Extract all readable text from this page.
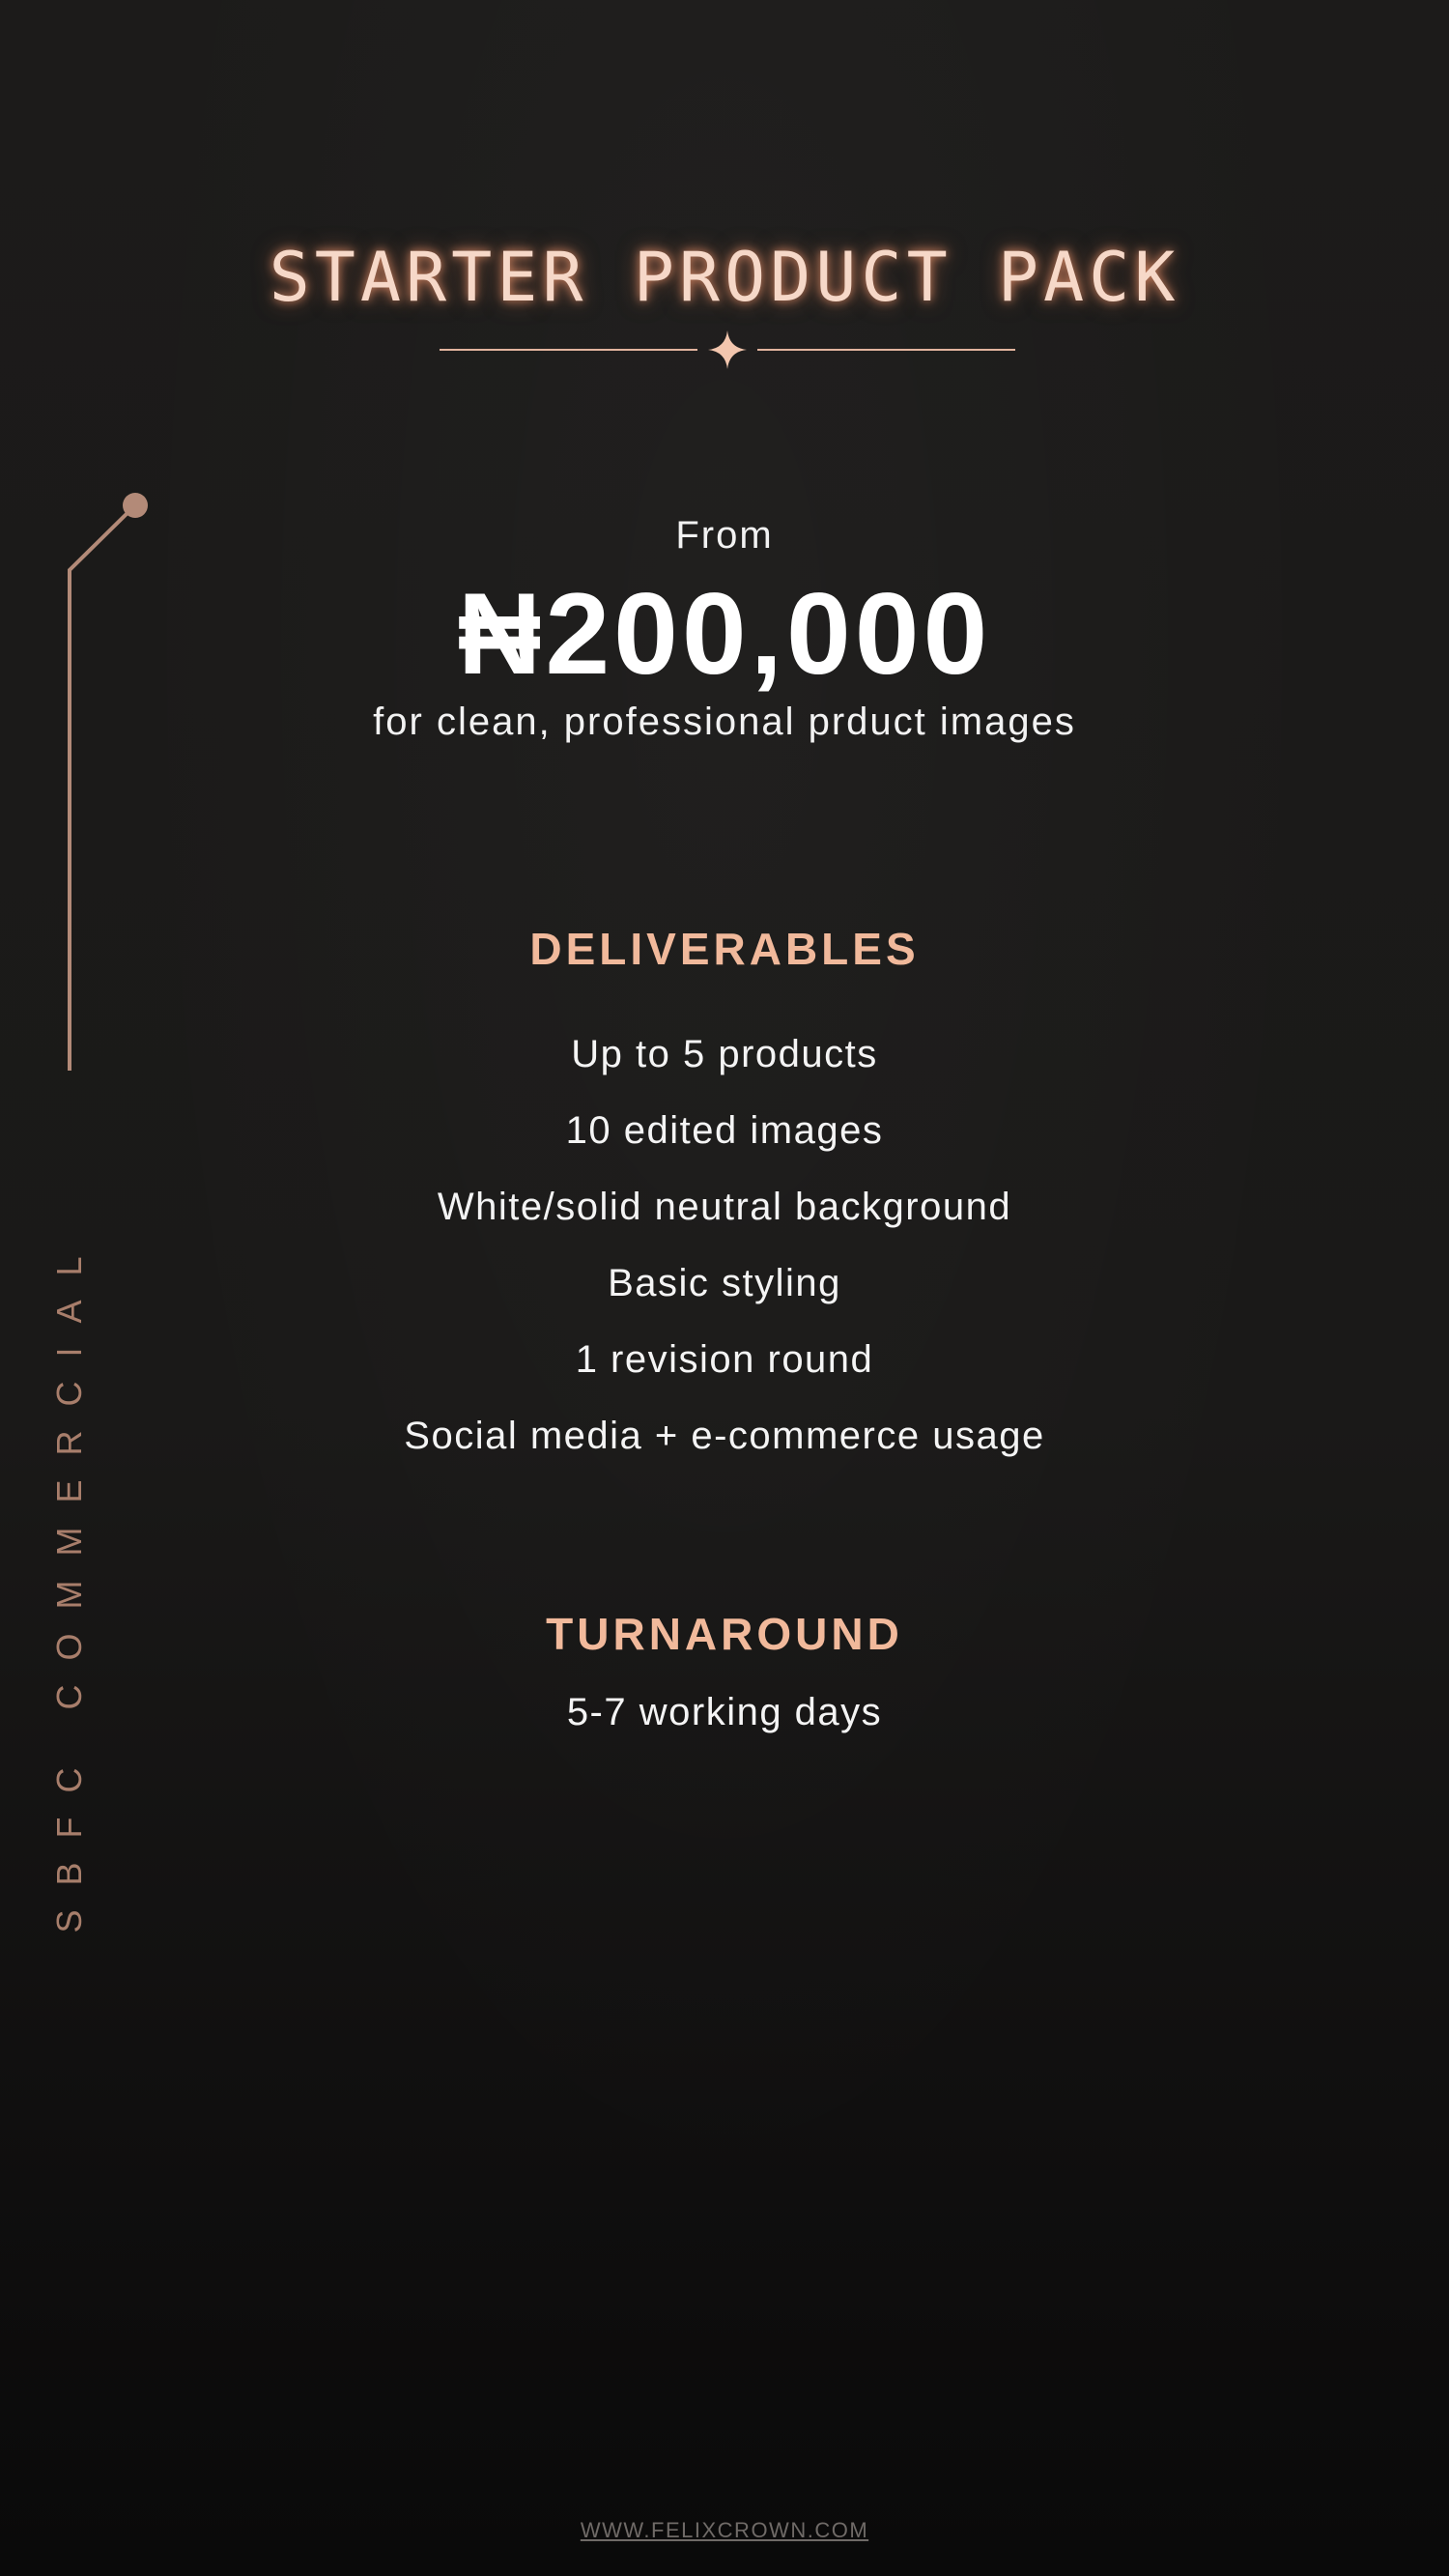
STARTER PRODUCT PACK
SBFC COMMERCIAL
From
₦200,000
for clean, professional prduct images
DELIVERABLES
Up to 5 products
10 edited images
White/solid neutral background
Basic styling
1 revision round
Social media + e-commerce usage
TURNAROUND
5-7 working days
WWW.FELIXCROWN.COM
